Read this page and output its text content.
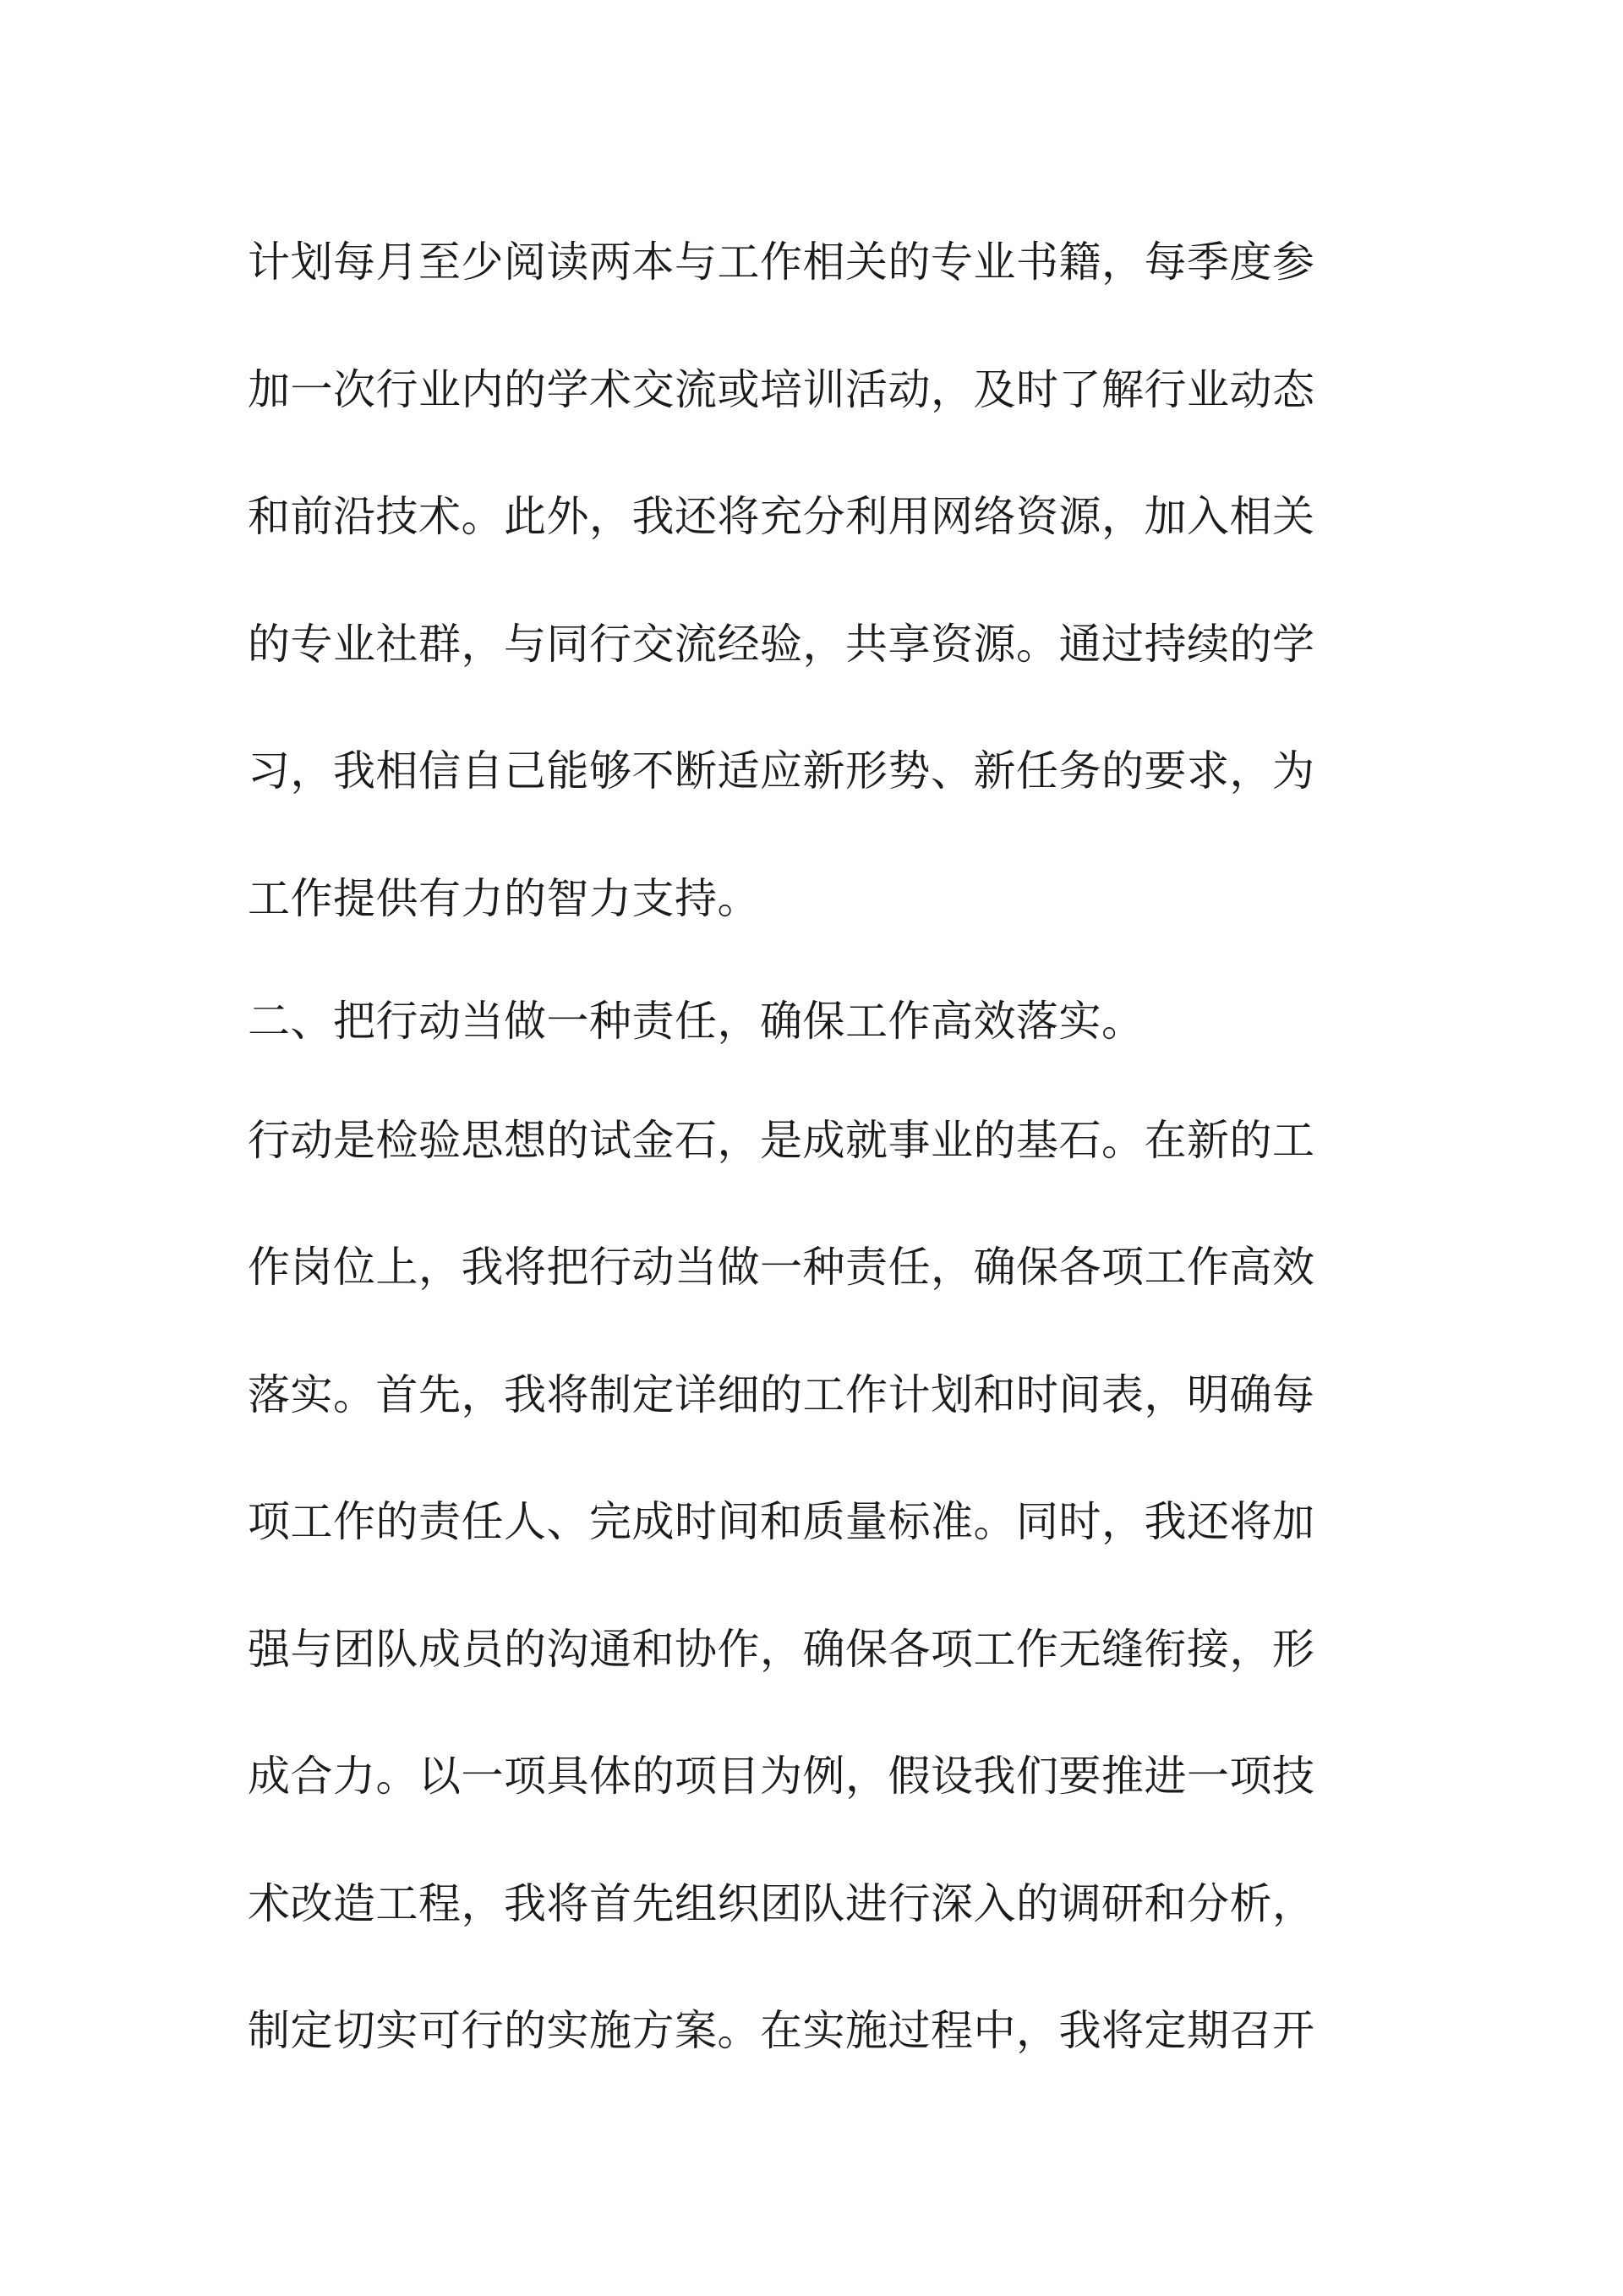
计划每月至少阅读两本与工作相关的专业书籍，每季度参
加一次行业内的学术交流或培训活动，及时了解行业动态
和前沿技术。此外，我还将充分利用网络资源，加入相关
的专业社群，与同行交流经验，共享资源。通过持续的学
习，我相信自己能够不断适应新形势、新任务的要求，为
工作提供有力的智力支持。
二、把行动当做一种责任，确保工作高效落实。
行动是检验思想的试金石，是成就事业的基石。在新的工
作岗位上，我将把行动当做一种责任，确保各项工作高效
落实。首先，我将制定详细的工作计划和时间表，明确每
项工作的责任人、完成时间和质量标准。同时，我还将加
强与团队成员的沟通和协作，确保各项工作无缝衔接，形
成合力。以一项具体的项目为例，假设我们要推进一项技
术改造工程，我将首先组织团队进行深入的调研和分析，
制定切实可行的实施方案。在实施过程中，我将定期召开
